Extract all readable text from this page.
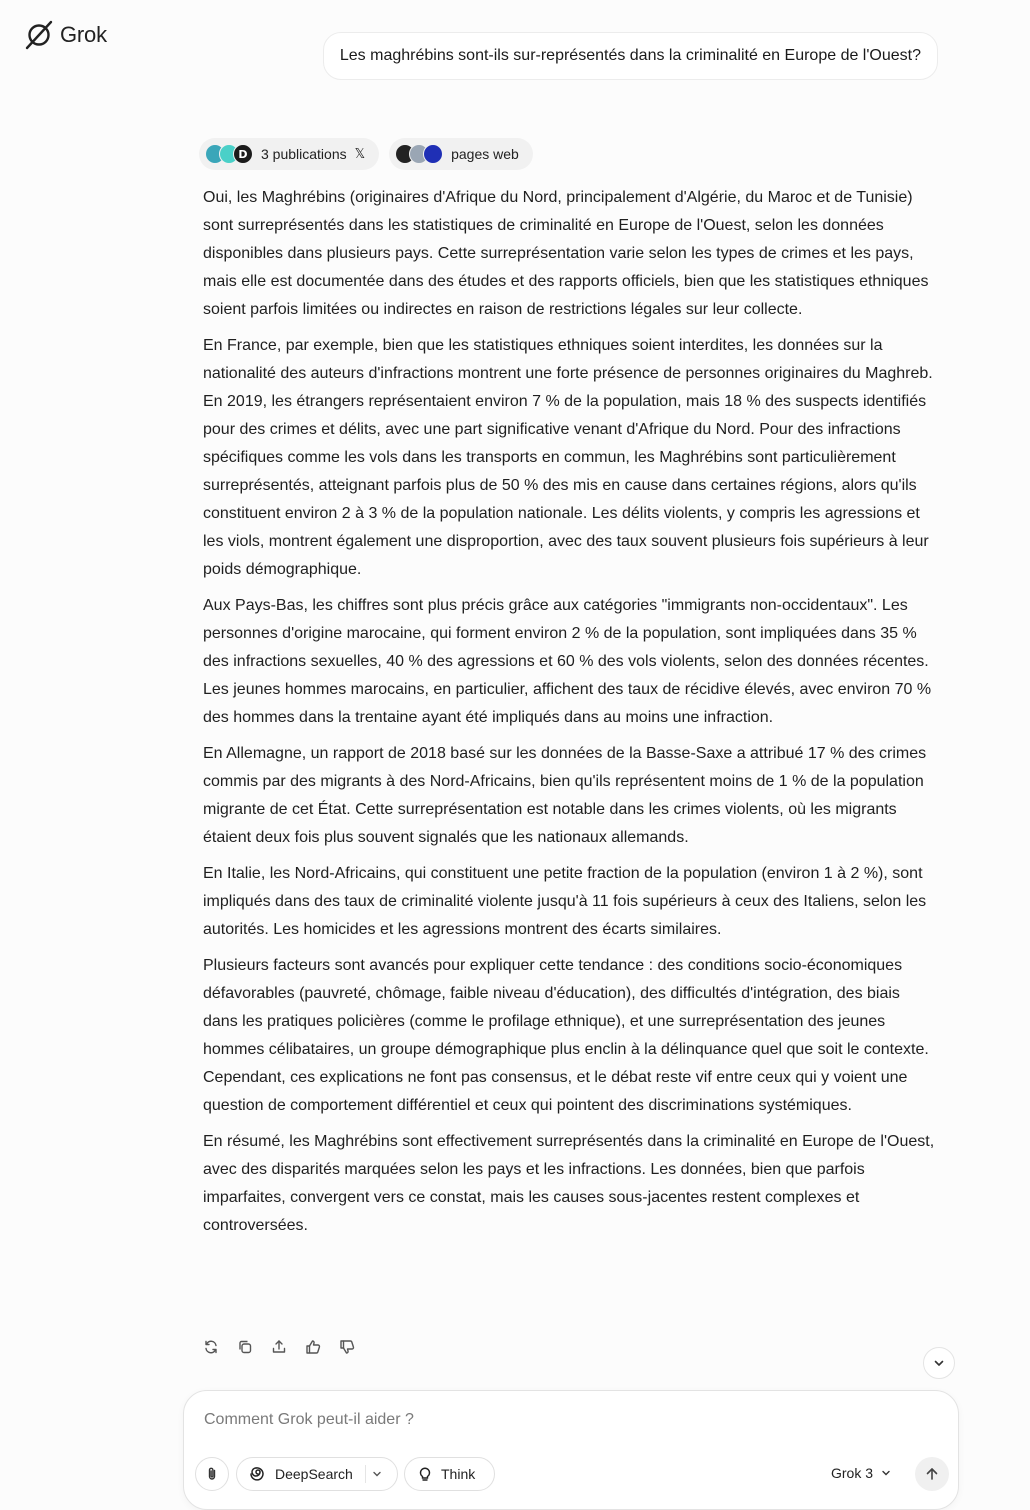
Grok
Les maghrébins sont-ils sur-représentés dans la criminalité en Europe de l'Ouest?
D 3 publications 𝕏	pages web

Oui, les Maghrébins (originaires d'Afrique du Nord, principalement d'Algérie, du Maroc et de Tunisie) sont surreprésentés dans les statistiques de criminalité en Europe de l'Ouest, selon les données disponibles dans plusieurs pays. Cette surreprésentation varie selon les types de crimes et les pays, mais elle est documentée dans des études et des rapports officiels, bien que les statistiques ethniques soient parfois limitées ou indirectes en raison de restrictions légales sur leur collecte.

En France, par exemple, bien que les statistiques ethniques soient interdites, les données sur la nationalité des auteurs d'infractions montrent une forte présence de personnes originaires du Maghreb. En 2019, les étrangers représentaient environ 7 % de la population, mais 18 % des suspects identifiés pour des crimes et délits, avec une part significative venant d'Afrique du Nord. Pour des infractions spécifiques comme les vols dans les transports en commun, les Maghrébins sont particulièrement surreprésentés, atteignant parfois plus de 50 % des mis en cause dans certaines régions, alors qu'ils constituent environ 2 à 3 % de la population nationale. Les délits violents, y compris les agressions et les viols, montrent également une disproportion, avec des taux souvent plusieurs fois supérieurs à leur poids démographique.

Aux Pays-Bas, les chiffres sont plus précis grâce aux catégories "immigrants non-occidentaux". Les personnes d'origine marocaine, qui forment environ 2 % de la population, sont impliquées dans 35 % des infractions sexuelles, 40 % des agressions et 60 % des vols violents, selon des données récentes. Les jeunes hommes marocains, en particulier, affichent des taux de récidive élevés, avec environ 70 % des hommes dans la trentaine ayant été impliqués dans au moins une infraction.

En Allemagne, un rapport de 2018 basé sur les données de la Basse-Saxe a attribué 17 % des crimes commis par des migrants à des Nord-Africains, bien qu'ils représentent moins de 1 % de la population migrante de cet État. Cette surreprésentation est notable dans les crimes violents, où les migrants étaient deux fois plus souvent signalés que les nationaux allemands.

En Italie, les Nord-Africains, qui constituent une petite fraction de la population (environ 1 à 2 %), sont impliqués dans des taux de criminalité violente jusqu'à 11 fois supérieurs à ceux des Italiens, selon les autorités. Les homicides et les agressions montrent des écarts similaires.

Plusieurs facteurs sont avancés pour expliquer cette tendance : des conditions socio-économiques défavorables (pauvreté, chômage, faible niveau d'éducation), des difficultés d'intégration, des biais dans les pratiques policières (comme le profilage ethnique), et une surreprésentation des jeunes hommes célibataires, un groupe démographique plus enclin à la délinquance quel que soit le contexte. Cependant, ces explications ne font pas consensus, et le débat reste vif entre ceux qui y voient une question de comportement différentiel et ceux qui pointent des discriminations systémiques.

En résumé, les Maghrébins sont effectivement surreprésentés dans la criminalité en Europe de l'Ouest, avec des disparités marquées selon les pays et les infractions. Les données, bien que parfois imparfaites, convergent vers ce constat, mais les causes sous-jacentes restent complexes et controversées.

Comment Grok peut-il aider ?
DeepSearch	Think	Grok 3
